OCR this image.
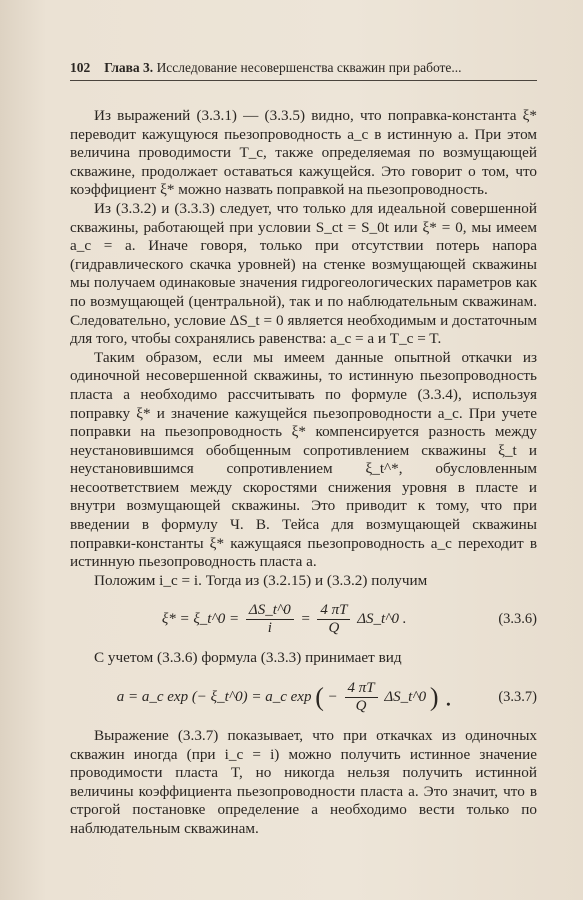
102 Глава 3. Исследование несовершенства скважин при работе...

Из выражений (3.3.1) — (3.3.5) видно, что поправка-константа ξ* переводит кажущуюся пьезопроводность a_c в истинную a. При этом величина проводимости T_c, также определяемая по возмущающей скважине, продолжает оставаться кажущейся. Это говорит о том, что коэффициент ξ* можно назвать поправкой на пьезопроводность.

Из (3.3.2) и (3.3.3) следует, что только для идеальной совершенной скважины, работающей при условии S_ct = S_0t или ξ* = 0, мы имеем a_c = a. Иначе говоря, только при отсутствии потерь напора (гидравлического скачка уровней) на стенке возмущающей скважины мы получаем одинаковые значения гидрогеологических параметров как по возмущающей (центральной), так и по наблюдательным скважинам. Следовательно, условие ΔS_t = 0 является необходимым и достаточным для того, чтобы сохранялись равенства: a_c = a и T_c = T.

Таким образом, если мы имеем данные опытной откачки из одиночной несовершенной скважины, то истинную пьезопроводность пласта a необходимо рассчитывать по формуле (3.3.4), используя поправку ξ* и значение кажущейся пьезопроводности a_c. При учете поправки на пьезопроводность ξ* компенсируется разность между неустановившимся обобщенным сопротивлением скважины ξ_t и неустановившимся сопротивлением ξ_t^*, обусловленным несоответствием между скоростями снижения уровня в пласте и внутри возмущающей скважины. Это приводит к тому, что при введении в формулу Ч. В. Тейса для возмущающей скважины поправки-константы ξ* кажущаяся пьезопроводность a_c переходит в истинную пьезопроводность пласта a.

Положим i_c = i. Тогда из (3.2.15) и (3.3.2) получим

ξ* = ξ_t^0 = $\frac{\Delta S\_t\^{}0}{i} = \frac{4 \pi T}{Q}$ ΔS_t^0 .	(3.3.6)

С учетом (3.3.6) формула (3.3.3) принимает вид

a = a_c exp (− ξ_t^0) = a_c exp ( − $\frac{4 \pi T}{Q}$ ΔS_t^0 ) .	(3.3.7)

Выражение (3.3.7) показывает, что при откачках из одиночных скважин иногда (при i_c = i) можно получить истинное значение проводимости пласта T, но никогда нельзя получить истинной величины коэффициента пьезопроводности пласта a. Это значит, что в строгой постановке определение a необходимо вести только по наблюдательным скважинам.
